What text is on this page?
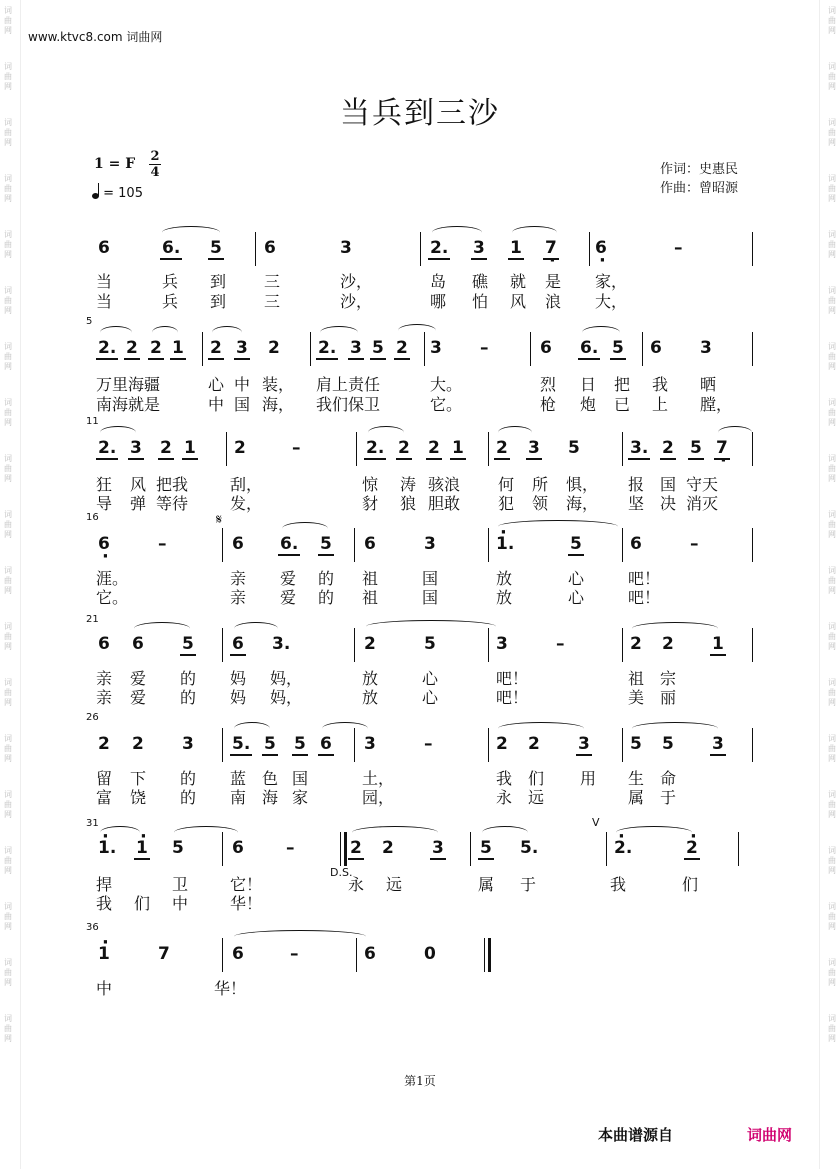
www.ktvc8.com 词曲网
当兵到三沙
1 = F 2
4
= 105
作词：史惠民
作曲：曾昭源
6	6. 5 6	3	2. 3 1 · 7 · 6	–
当	兵 到 三	沙，	岛 礁 就 是 家，
当	兵 到 三	沙，	哪 怕 风 浪 大，
5
2. 2 2 1 2 3 2 2. 3 5 2 3 –	6 6. 5 6 3
万里海疆	心 中 装， 肩上责任	大。	烈 日 把 我 晒
南海就是	中 国 海， 我们保卫	它。	枪 炮 已 上 膛，
11
2. 3 2 1 2	–	2. 2 2 1 2 3 5	3. 2 5 · 7
狂 风 把我	刮，	惊 涛 骇浪 何 所 惧， 报 国 守天
导 弹 等待	发，	豺 狼 胆敢 犯 领 海， 坚 决 消灭
16	𝄋
· 6	–	6 6. 5 6	3	· 1.	5	6	–
涯。	亲 爱 的 祖	国	放	心	吧！
它。	亲 爱 的 祖	国	放	心	吧！
21
6 6 5 6 3.	2	5	3	–	2 2 1
亲 爱 的 妈 妈，	放	心	吧！	祖 宗
亲 爱 的 妈 妈，	放	心	吧！	美 丽
26
2 2 3 5. 5 5 6 3	–	2 2 3 5 5 3
留 下 的 蓝 色 国	土，	我 们 用 生 命
富 饶 的 南 海 家	园，	永 远	属 于
31	V
D.S.
· 1. · 1 5	6 –	2 2 3 5 5.	· 2.	· 2
捍	卫	它！	永 远	属 于	我	们
我 们 中	华！
36
· 1	7	6	–	6	0
中	华！
第1页
本曲谱源自	词曲网
词
曲
网
词
曲
网
词
曲
网
词
曲
网
词
曲
网
词
曲
网
词
曲
网
词
曲
网
词
曲
网
词
曲
网
词
曲
网
词
曲
网
词
曲
网
词
曲
网
词
曲
网
词
曲
网
词
曲
网
词
曲
网
词
曲
网
词
曲
网
词
曲
网
词
曲
网
词
曲
网
词
曲
网
词
曲
网
词
曲
网
词
曲
网
词
曲
网
词
曲
网
词
曲
网
词
曲
网
词
曲
网
词
曲
网
词
曲
网
词
曲
网
词
曲
网
词
曲
网
词
曲
网
